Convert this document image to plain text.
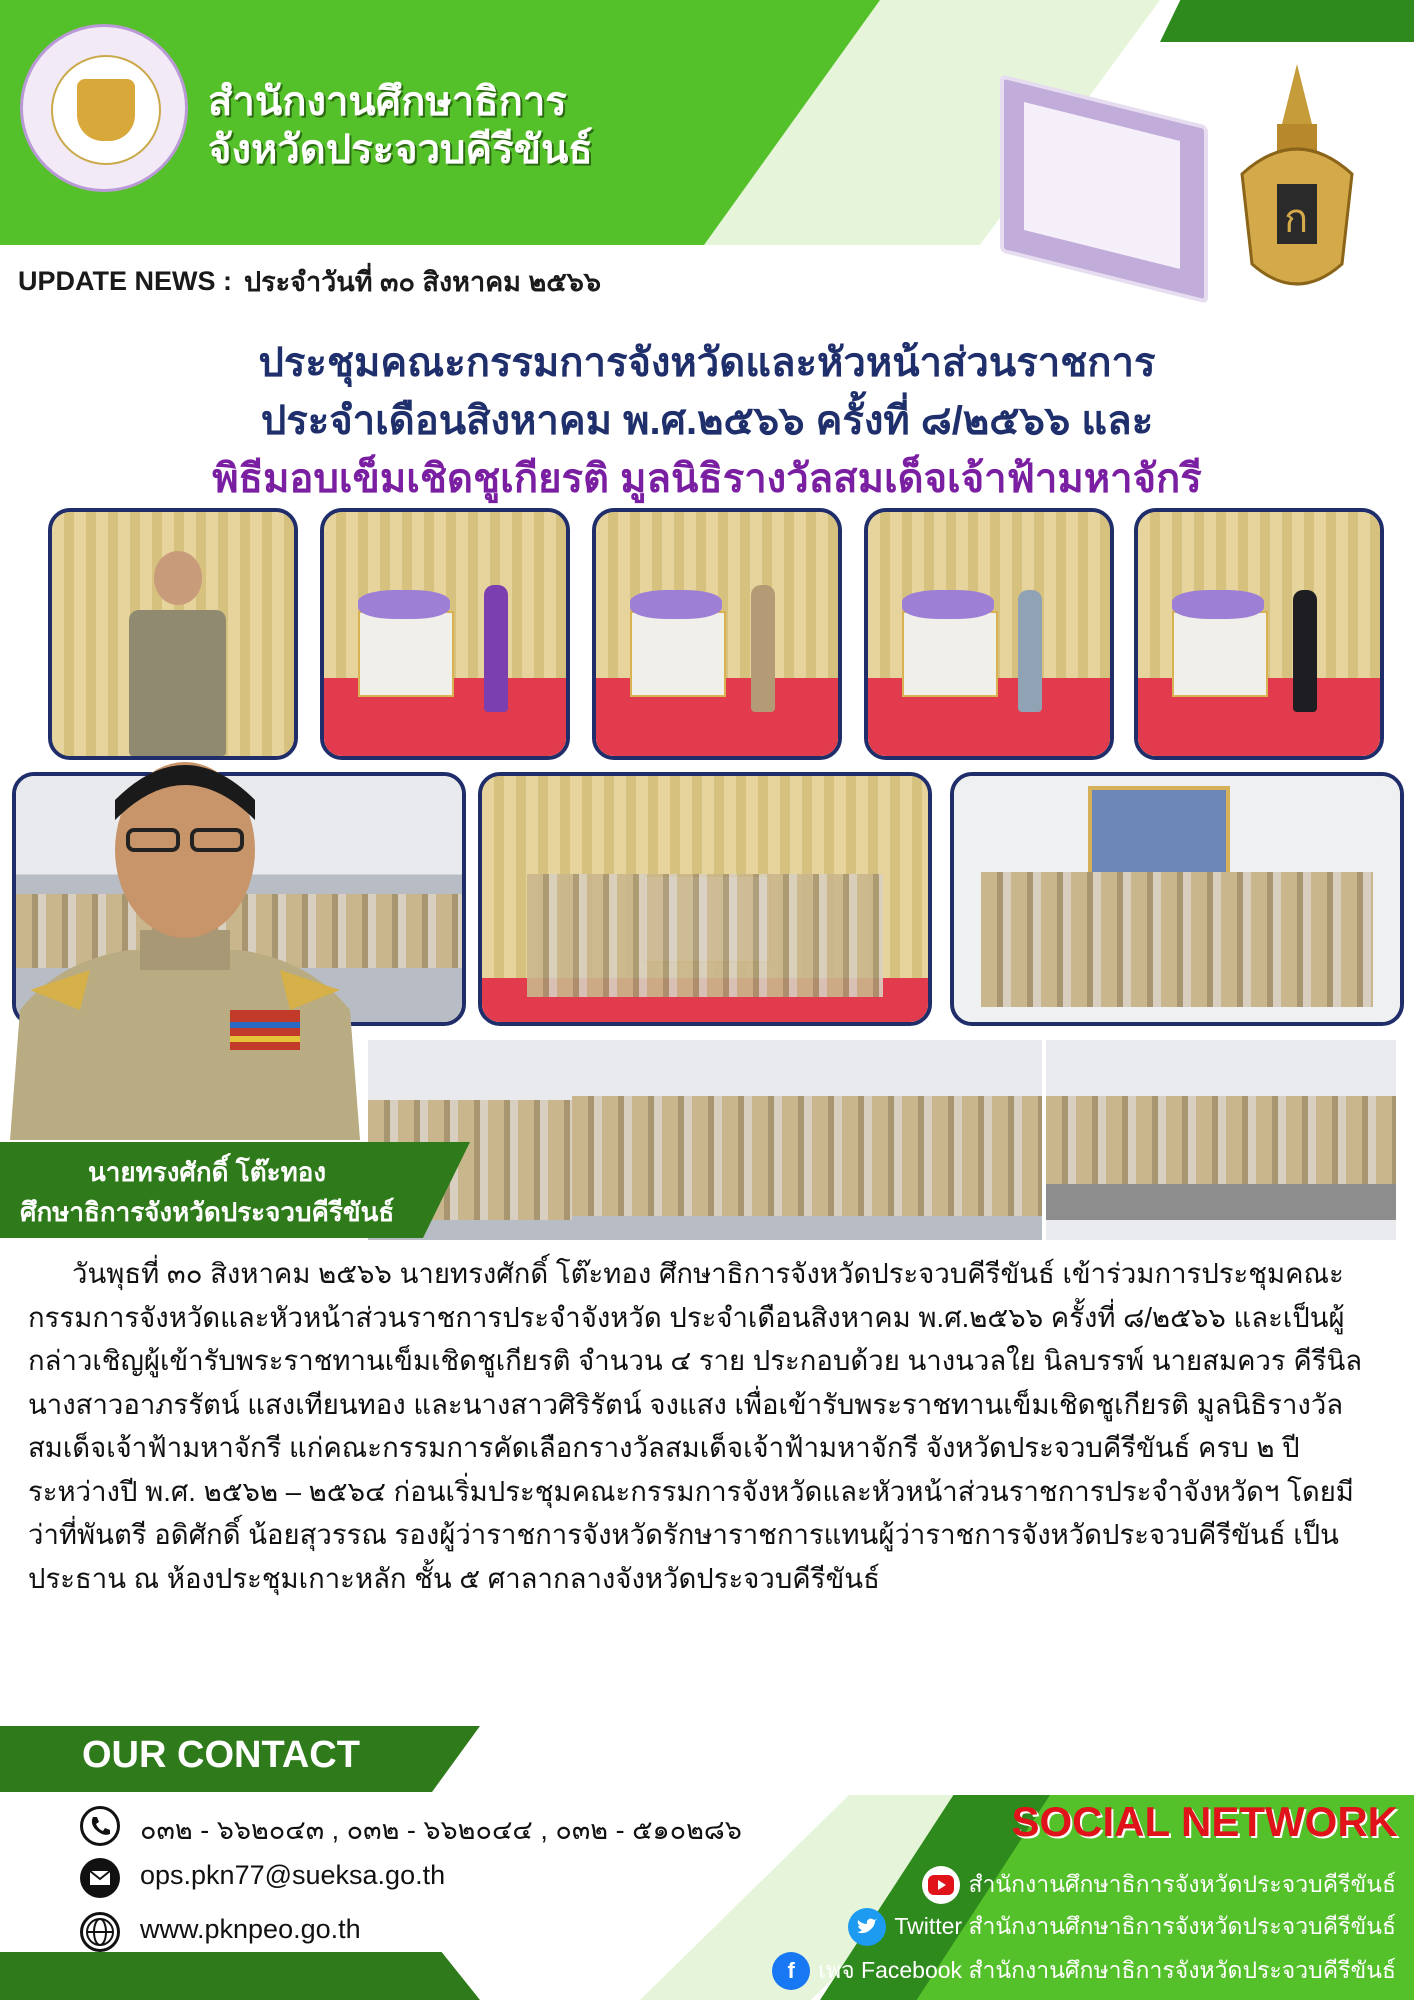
สำนักงานศึกษาธิการ
จังหวัดประจวบคีรีขันธ์
ก
UPDATE NEWS : ประจำวันที่ ๓๐ สิงหาคม ๒๕๖๖
ประชุมคณะกรรมการจังหวัดและหัวหน้าส่วนราชการ
ประจำเดือนสิงหาคม พ.ศ.๒๕๖๖ ครั้งที่ ๘/๒๕๖๖ และ
พิธีมอบเข็มเชิดชูเกียรติ มูลนิธิรางวัลสมเด็จเจ้าฟ้ามหาจักรี
นายทรงศักดิ์ โต๊ะทอง
ศึกษาธิการจังหวัดประจวบคีรีขันธ์
วันพุธที่ ๓๐ สิงหาคม ๒๕๖๖ นายทรงศักดิ์ โต๊ะทอง ศึกษาธิการจังหวัดประจวบคีรีขันธ์ เข้าร่วมการประชุมคณะกรรมการจังหวัดและหัวหน้าส่วนราชการประจำจังหวัด ประจำเดือนสิงหาคม พ.ศ.๒๕๖๖ ครั้งที่ ๘/๒๕๖๖ และเป็นผู้กล่าวเชิญผู้เข้ารับพระราชทานเข็มเชิดชูเกียรติ จำนวน ๔ ราย ประกอบด้วย นางนวลใย นิลบรรพ์ นายสมควร คีรีนิล นางสาวอาภรรัตน์ แสงเทียนทอง และนางสาวศิริรัตน์ จงแสง เพื่อเข้ารับพระราชทานเข็มเชิดชูเกียรติ มูลนิธิรางวัลสมเด็จเจ้าฟ้ามหาจักรี แก่คณะกรรมการคัดเลือกรางวัลสมเด็จเจ้าฟ้ามหาจักรี จังหวัดประจวบคีรีขันธ์ ครบ ๒ ปี ระหว่างปี พ.ศ. ๒๕๖๒ – ๒๕๖๔ ก่อนเริ่มประชุมคณะกรรมการจังหวัดและหัวหน้าส่วนราชการประจำจังหวัดฯ โดยมี ว่าที่พันตรี อดิศักดิ์ น้อยสุวรรณ รองผู้ว่าราชการจังหวัดรักษาราชการแทนผู้ว่าราชการจังหวัดประจวบคีรีขันธ์ เป็นประธาน ณ ห้องประชุมเกาะหลัก ชั้น ๕ ศาลากลางจังหวัดประจวบคีรีขันธ์
OUR CONTACT
๐๓๒ - ๖๖๒๐๔๓ , ๐๓๒ - ๖๖๒๐๔๔ , ๐๓๒ - ๕๑๐๒๘๖
ops.pkn77@sueksa.go.th
www.pknpeo.go.th
SOCIAL NETWORK
สำนักงานศึกษาธิการจังหวัดประจวบคีรีขันธ์
Twitter สำนักงานศึกษาธิการจังหวัดประจวบคีรีขันธ์
f	เพจ Facebook สำนักงานศึกษาธิการจังหวัดประจวบคีรีขันธ์
